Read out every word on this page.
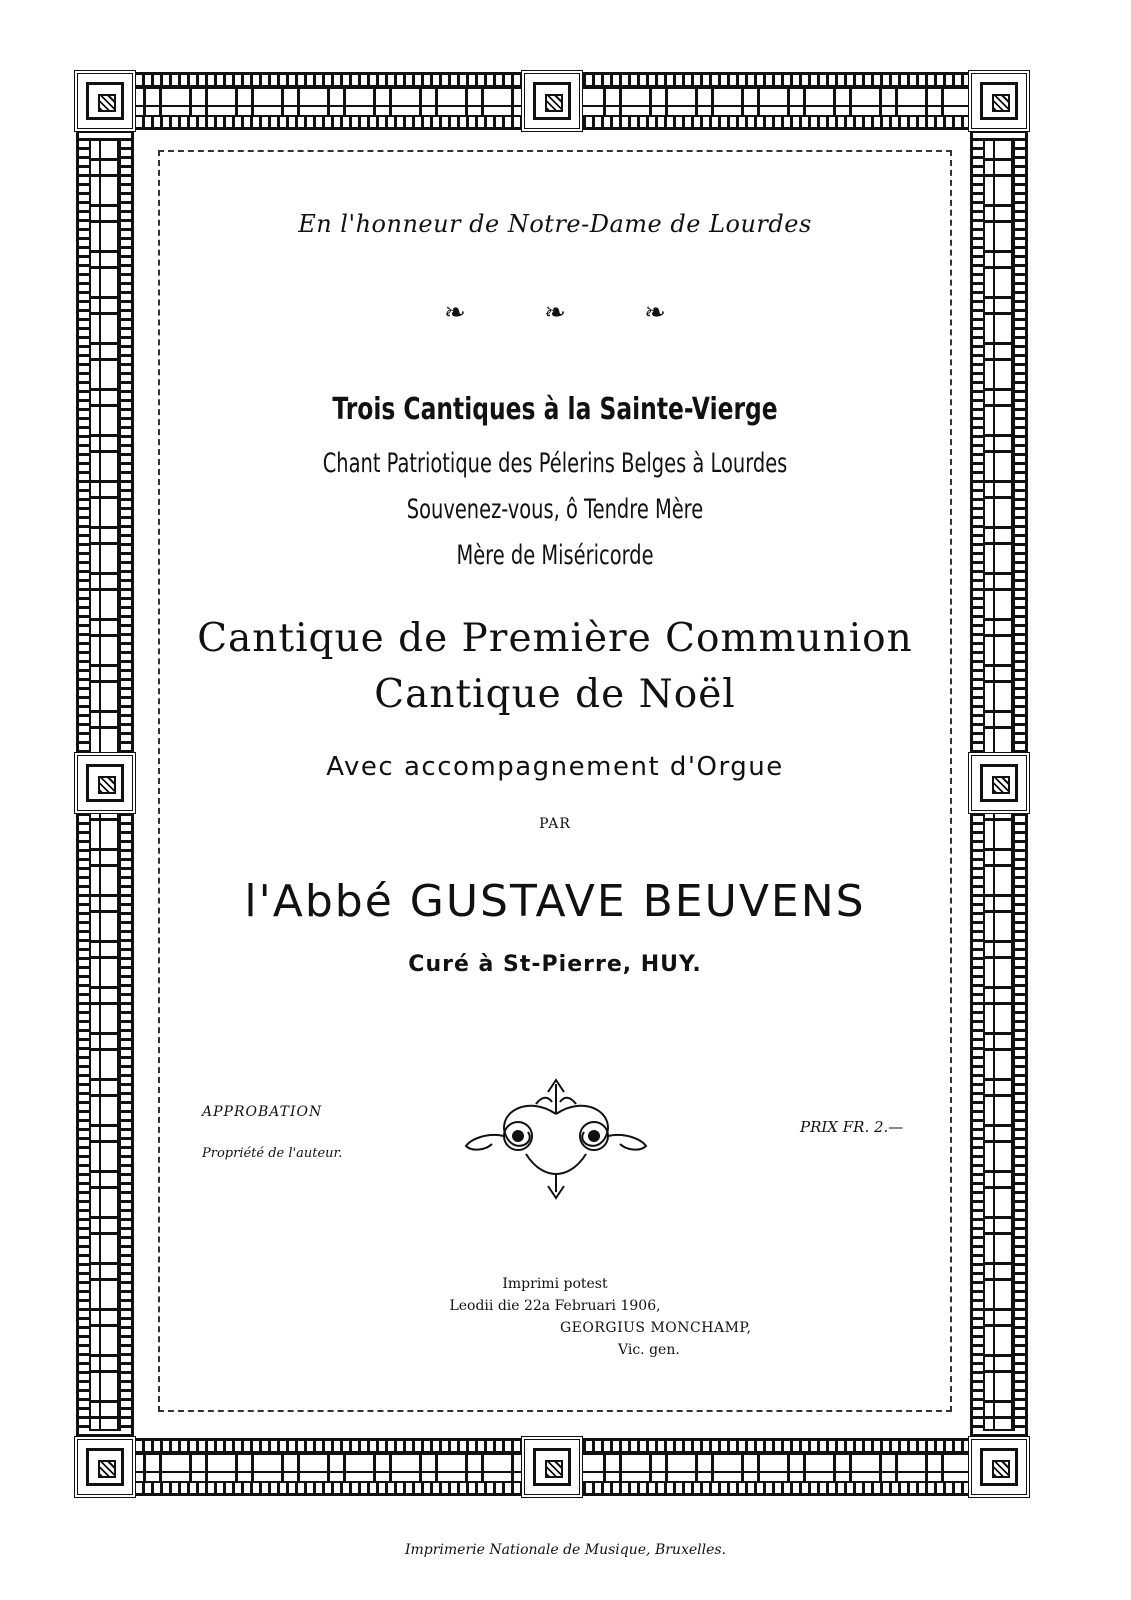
En l'honneur de Notre-Dame de Lourdes
❧ ❧ ❧
Trois Cantiques à la Sainte-Vierge
Chant Patriotique des Pélerins Belges à Lourdes
Souvenez-vous, ô Tendre Mère
Mère de Miséricorde
Cantique de Première Communion
Cantique de Noël
Avec accompagnement d'Orgue
PAR
l'Abbé GUSTAVE BEUVENS
Curé à St-Pierre, HUY.
APPROBATION
Propriété de l'auteur.
PRIX FR. 2.—
Imprimi potest
Leodii die 22a Februari 1906,
GEORGIUS MONCHAMP,
Vic. gen.
Imprimerie Nationale de Musique, Bruxelles.
